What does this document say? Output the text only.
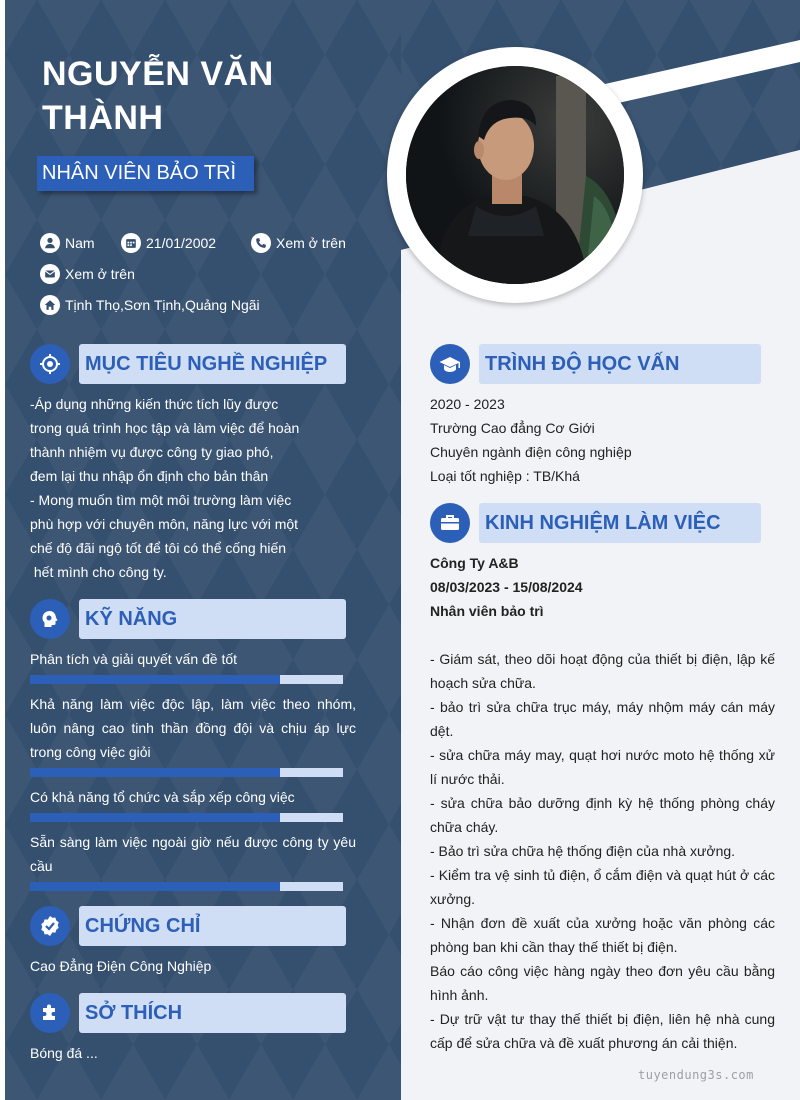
NGUYỄN VĂN THÀNH
NHÂN VIÊN BẢO TRÌ
Nam	21/01/2002	Xem ở trên
Xem ở trên
Tịnh Thọ,Sơn Tịnh,Quảng Ngãi
MỤC TIÊU NGHỀ NGHIỆP
-Áp dụng những kiến thức tích lũy được
trong quá trình học tập và làm việc để hoàn
thành nhiệm vụ được công ty giao phó,
đem lại thu nhập ổn định cho bản thân
- Mong muốn tìm một môi trường làm việc
phù hợp với chuyên môn, năng lực với một
chế độ đãi ngộ tốt để tôi có thể cống hiến
hết mình cho công ty.
KỸ NĂNG
Phân tích và giải quyết vấn đề tốt
Khả năng làm việc độc lập, làm việc theo nhóm, luôn nâng cao tinh thần đồng đội và chịu áp lực trong công việc giỏi
Có khả năng tổ chức và sắp xếp công việc
Sẵn sàng làm việc ngoài giờ nếu được công ty yêu cầu
CHỨNG CHỈ
Cao Đẳng Điện Công Nghiệp
SỞ THÍCH
Bóng đá ...
TRÌNH ĐỘ HỌC VẤN
2020 - 2023
Trường Cao đẳng Cơ Giới
Chuyên ngành điện công nghiệp
Loại tốt nghiệp : TB/Khá
KINH NGHIỆM LÀM VIỆC
Công Ty A&B
08/03/2023 - 15/08/2024
Nhân viên bảo trì
- Giám sát, theo dõi hoạt động của thiết bị điện, lập kế hoạch sửa chữa.
- bảo trì sửa chữa trục máy, máy nhộm máy cán máy dệt.
- sửa chữa máy may, quạt hơi nước moto hệ thống xử lí nước thải.
- sửa chữa bảo dưỡng định kỳ hệ thống phòng cháy chữa cháy.
- Bảo trì sửa chữa hệ thống điện của nhà xưởng.
- Kiểm tra vệ sinh tủ điện, ổ cắm điện và quạt hút ở các xưởng.
- Nhận đơn đề xuất của xưởng hoặc văn phòng các phòng ban khi cần thay thế thiết bị điện.
Báo cáo công việc hàng ngày theo đơn yêu cầu bằng hình ảnh.
- Dự trữ vật tư thay thế thiết bị điện, liên hệ nhà cung cấp để sửa chữa và đề xuất phương án cải thiện.
tuyendung3s.com
